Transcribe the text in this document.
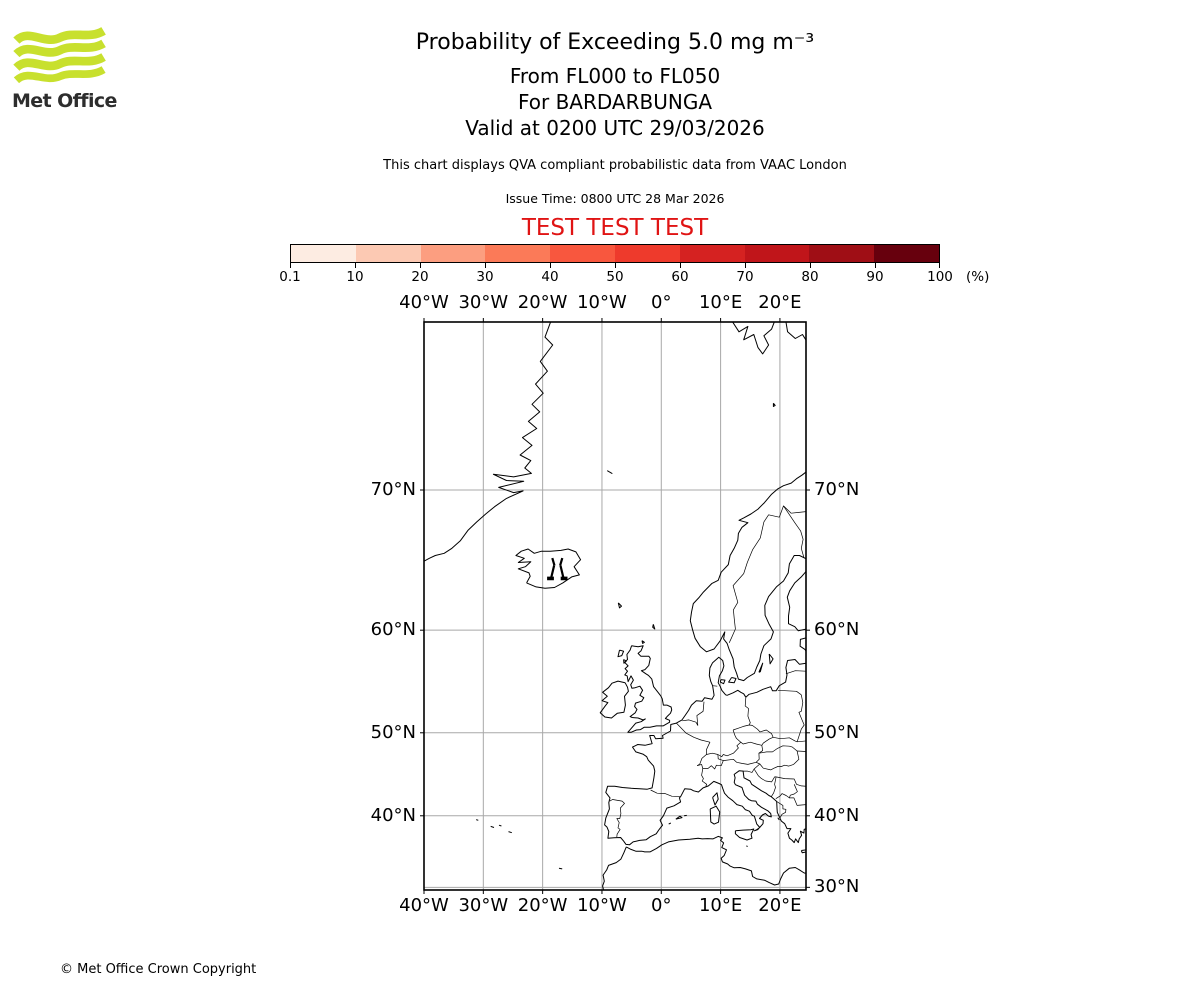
Met Office
Probability of Exceeding 5.0 mg m⁻³
From FL000 to FL050
For BARDARBUNGA
Valid at 0200 UTC 29/03/2026
This chart displays QVA compliant probabilistic data from VAAC London
Issue Time: 0800 UTC 28 Mar 2026
TEST TEST TEST
0.1	10	20	30	40	50	60	70	80	90	100 (%)
© Met Office Crown Copyright
40°W 30°W 20°W 10°W 0° 10°E 20°E
40°W 30°W 20°W 10°W 0° 10°E 20°E
70°N
60°N
50°N
40°N
70°N
60°N
50°N
40°N
30°N
